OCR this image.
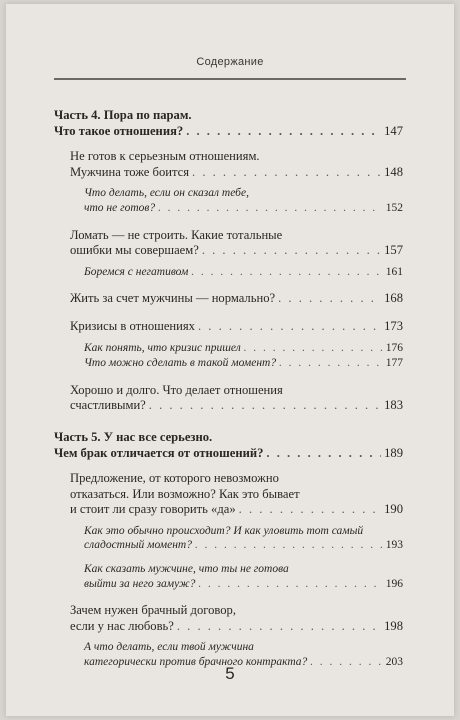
Содержание
Часть 4. Пора по парам.
Что такое отношения? . . .	147
Не готов к серьезным отношениям.
Мужчина тоже боится . . .	148
Что делать, если он сказал тебе,
что не готов? . . .	152
Ломать — не строить. Какие тотальные
ошибки мы совершаем? . . .	157
Боремся с негативом . . .	161
Жить за счет мужчины — нормально? . . .	168
Кризисы в отношениях . . .	173
Как понять, что кризис пришел . . .	176
Что можно сделать в такой момент? . . .	177
Хорошо и долго. Что делает отношения
счастливыми? . . .	183
Часть 5. У нас все серьезно.
Чем брак отличается от отношений? . . .	189
Предложение, от которого невозможно
отказаться. Или возможно? Как это бывает
и стоит ли сразу говорить «да» . . .	190
Как это обычно происходит? И как уловить тот самый
сладостный момент? . . .	193
Как сказать мужчине, что ты не готова
выйти за него замуж? . . .	196
Зачем нужен брачный договор,
если у нас любовь? . . .	198
А что делать, если твой мужчина
категорически против брачного контракта? . . .	203
5
